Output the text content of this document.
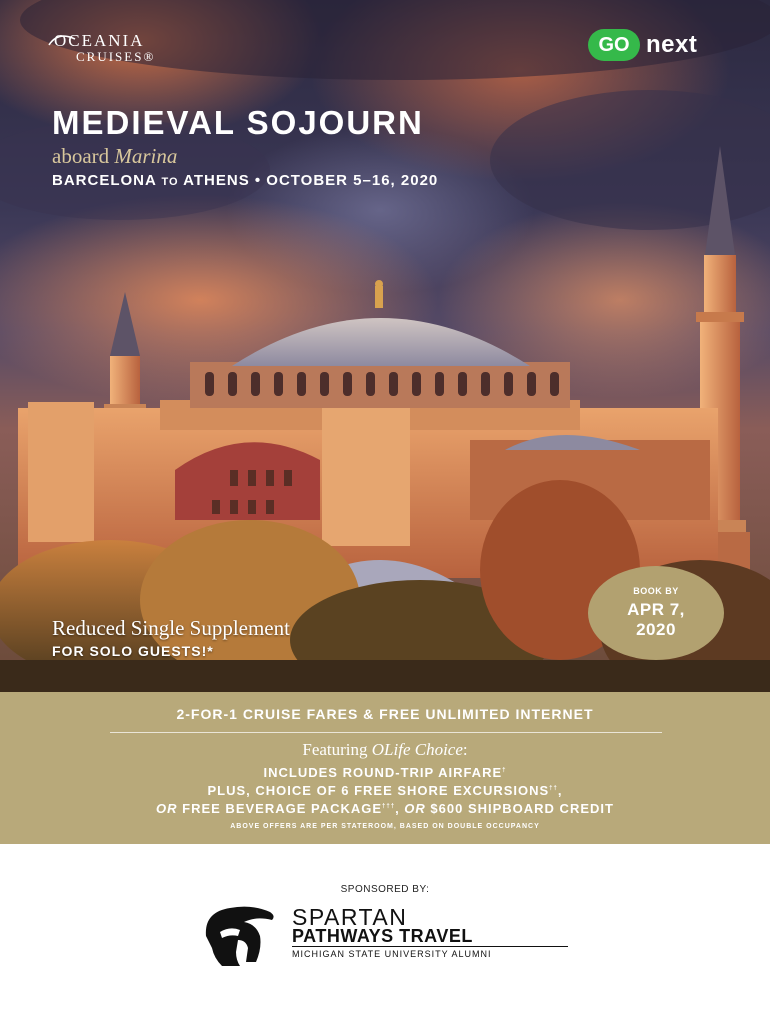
OCEANIA
CRUISES®
GO next
MEDIEVAL SOJOURN
aboard Marina
BARCELONA TO ATHENS • OCTOBER 5–16, 2020
Reduced Single Supplement
FOR SOLO GUESTS!*
BOOK BY
APR 7,
2020
2-FOR-1 CRUISE FARES & FREE UNLIMITED INTERNET
Featuring OLife Choice:
INCLUDES ROUND-TRIP AIRFARE†
PLUS, CHOICE OF 6 FREE SHORE EXCURSIONS††,
OR FREE BEVERAGE PACKAGE†††, OR $600 SHIPBOARD CREDIT
ABOVE OFFERS ARE PER STATEROOM, BASED ON DOUBLE OCCUPANCY
SPONSORED BY:
SPARTAN
PATHWAYS TRAVEL
MICHIGAN STATE UNIVERSITY ALUMNI
